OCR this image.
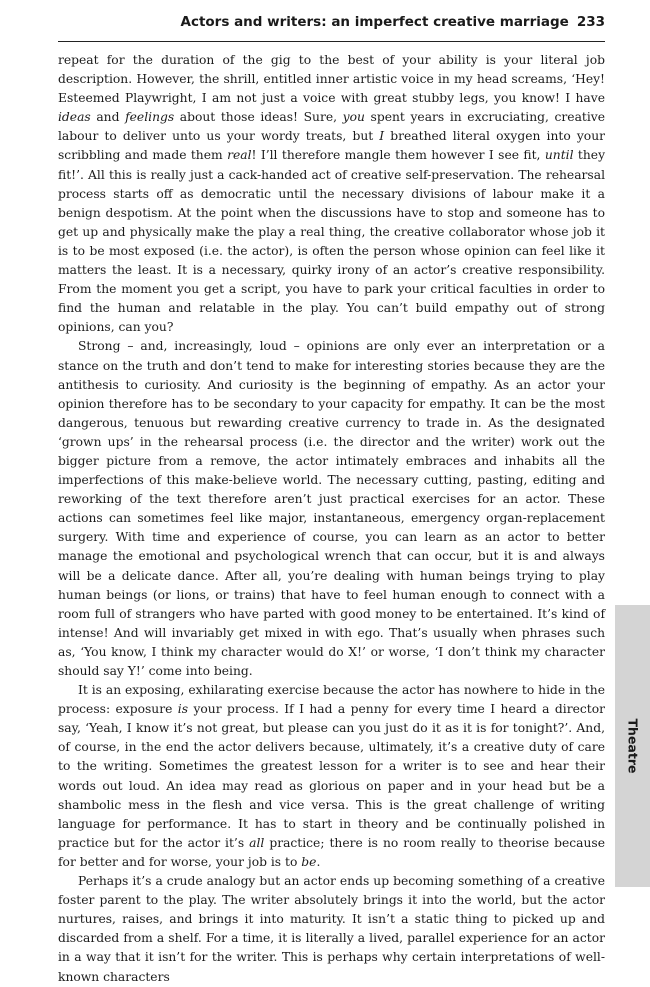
Actors and writers: an imperfect creative marriage 233

repeat for the duration of the gig to the best of your ability is your literal job description. However, the shrill, entitled inner artistic voice in my head screams, ‘Hey! Esteemed Playwright, I am not just a voice with great stubby legs, you know! I have ideas and feelings about those ideas! Sure, you spent years in excruciating, creative labour to deliver unto us your wordy treats, but I breathed literal oxygen into your scribbling and made them real! I’ll therefore mangle them however I see fit, until they fit!’. All this is really just a cack-handed act of creative self-preservation. The rehearsal process starts off as democratic until the necessary divisions of labour make it a benign despotism. At the point when the discussions have to stop and someone has to get up and physically make the play a real thing, the creative collaborator whose job it is to be most exposed (i.e. the actor), is often the person whose opinion can feel like it matters the least. It is a necessary, quirky irony of an actor’s creative responsibility. From the moment you get a script, you have to park your critical faculties in order to find the human and relatable in the play. You can’t build empathy out of strong opinions, can you?

Strong – and, increasingly, loud – opinions are only ever an interpretation or a stance on the truth and don’t tend to make for interesting stories because they are the antithesis to curiosity. And curiosity is the beginning of empathy. As an actor your opinion therefore has to be secondary to your capacity for empathy. It can be the most dangerous, tenuous but rewarding creative currency to trade in. As the designated ‘grown ups’ in the rehearsal process (i.e. the director and the writer) work out the bigger picture from a remove, the actor intimately embraces and inhabits all the imperfections of this make-believe world. The necessary cutting, pasting, editing and reworking of the text therefore aren’t just practical exercises for an actor. These actions can sometimes feel like major, instantaneous, emergency organ-replacement surgery. With time and experience of course, you can learn as an actor to better manage the emotional and psychological wrench that can occur, but it is and always will be a delicate dance. After all, you’re dealing with human beings trying to play human beings (or lions, or trains) that have to feel human enough to connect with a room full of strangers who have parted with good money to be entertained. It’s kind of intense! And will invariably get mixed in with ego. That’s usually when phrases such as, ‘You know, I think my character would do X!’ or worse, ‘I don’t think my character should say Y!’ come into being.

It is an exposing, exhilarating exercise because the actor has nowhere to hide in the process: exposure is your process. If I had a penny for every time I heard a director say, ‘Yeah, I know it’s not great, but please can you just do it as it is for tonight?’. And, of course, in the end the actor delivers because, ultimately, it’s a creative duty of care to the writing. Sometimes the greatest lesson for a writer is to see and hear their words out loud. An idea may read as glorious on paper and in your head but be a shambolic mess in the flesh and vice versa. This is the great challenge of writing language for performance. It has to start in theory and be continually polished in practice but for the actor it’s all practice; there is no room really to theorise because for better and for worse, your job is to be.

Perhaps it’s a crude analogy but an actor ends up becoming something of a creative foster parent to the play. The writer absolutely brings it into the world, but the actor nurtures, raises, and brings it into maturity. It isn’t a static thing to picked up and discarded from a shelf. For a time, it is literally a lived, parallel experience for an actor in a way that it isn’t for the writer. This is perhaps why certain interpretations of well-known characters

Theatre
